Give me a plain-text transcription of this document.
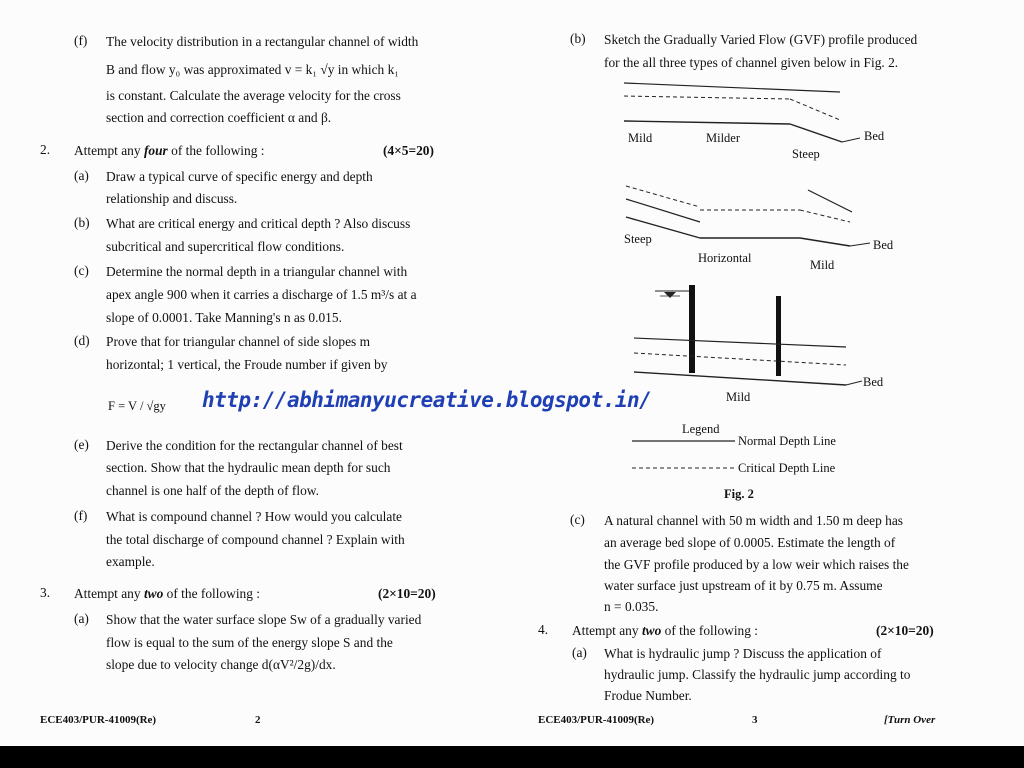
(f) The velocity distribution in a rectangular channel of width
B and flow y₀ was approximated v = k₁ √y in which k₁
is constant. Calculate the average velocity for the cross
section and correction coefficient α and β.
2. Attempt any four of the following :	(4×5=20)
(a) Draw a typical curve of specific energy and depth
relationship and discuss.
(b) What are critical energy and critical depth ? Also discuss
subcritical and supercritical flow conditions.
(c) Determine the normal depth in a triangular channel with
apex angle 900 when it carries a discharge of 1.5 m³/s at a
slope of 0.0001. Take Manning's n as 0.015.
(d) Prove that for triangular channel of side slopes m
horizontal; 1 vertical, the Froude number if given by
F = V / √gy
(e) Derive the condition for the rectangular channel of best
section. Show that the hydraulic mean depth for such
channel is one half of the depth of flow.
(f) What is compound channel ? How would you calculate
the total discharge of compound channel ? Explain with
example.
3. Attempt any two of the following :	(2×10=20)
(a) Show that the water surface slope Sw of a gradually varied
flow is equal to the sum of the energy slope S and the
slope due to velocity change d(αV²/2g)/dx.
ECE403/PUR-41009(Re)	2
http://abhimanyucreative.blogspot.in/
(b) Sketch the Gradually Varied Flow (GVF) profile produced
for the all three types of channel given below in Fig. 2.
Mild	Milder
Steep
Bed
Steep
Horizontal	Mild
Bed
Mild
Bed
Legend
Normal Depth Line
Critical Depth Line
Fig. 2
(c) A natural channel with 50 m width and 1.50 m deep has
an average bed slope of 0.0005. Estimate the length of
the GVF profile produced by a low weir which raises the
water surface just upstream of it by 0.75 m. Assume
n = 0.035.
4. Attempt any two of the following :	(2×10=20)
(a) What is hydraulic jump ? Discuss the application of
hydraulic jump. Classify the hydraulic jump according to
Frodue Number.
ECE403/PUR-41009(Re)	3	[Turn Over
